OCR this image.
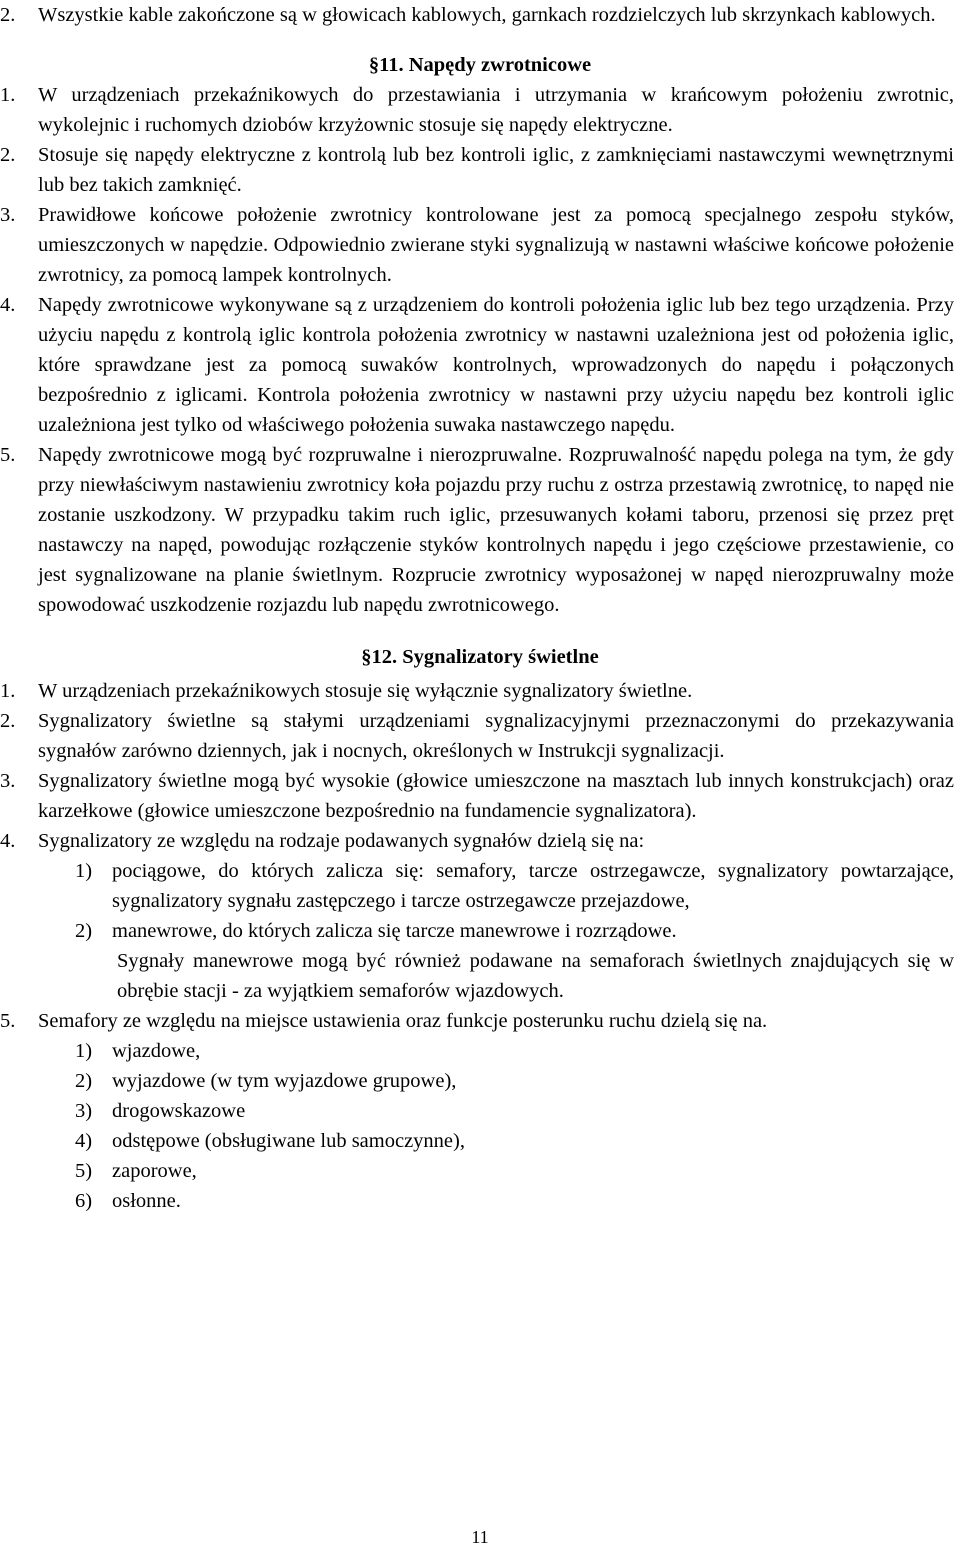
2. Wszystkie kable zakończone są w głowicach kablowych, garnkach rozdzielczych lub skrzynkach kablowych.
§11. Napędy zwrotnicowe
1. W urządzeniach przekaźnikowych do przestawiania i utrzymania w krańcowym położeniu zwrotnic, wykolejnic i ruchomych dziobów krzyżownic stosuje się napędy elektryczne.
2. Stosuje się napędy elektryczne z kontrolą lub bez kontroli iglic, z zamknięciami nastawczymi wewnętrznymi lub bez takich zamknięć.
3. Prawidłowe końcowe położenie zwrotnicy kontrolowane jest za pomocą specjalnego zespołu styków, umieszczonych w napędzie. Odpowiednio zwierane styki sygnalizują w nastawni właściwe końcowe położenie zwrotnicy, za pomocą lampek kontrolnych.
4. Napędy zwrotnicowe wykonywane są z urządzeniem do kontroli położenia iglic lub bez tego urządzenia. Przy użyciu napędu z kontrolą iglic kontrola położenia zwrotnicy w nastawni uzależniona jest od położenia iglic, które sprawdzane jest za pomocą suwaków kontrolnych, wprowadzonych do napędu i połączonych bezpośrednio z iglicami. Kontrola położenia zwrotnicy w nastawni przy użyciu napędu bez kontroli iglic uzależniona jest tylko od właściwego położenia suwaka nastawczego napędu.
5. Napędy zwrotnicowe mogą być rozpruwalne i nierozpruwalne. Rozpruwalność napędu polega na tym, że gdy przy niewłaściwym nastawieniu zwrotnicy koła pojazdu przy ruchu z ostrza przestawią zwrotnicę, to napęd nie zostanie uszkodzony. W przypadku takim ruch iglic, przesuwanych kołami taboru, przenosi się przez pręt nastawczy na napęd, powodując rozłączenie styków kontrolnych napędu i jego częściowe przestawienie, co jest sygnalizowane na planie świetlnym. Rozprucie zwrotnicy wyposażonej w napęd nierozpruwalny może spowodować uszkodzenie rozjazdu lub napędu zwrotnicowego.
§12. Sygnalizatory świetlne
1. W urządzeniach przekaźnikowych stosuje się wyłącznie sygnalizatory świetlne.
2. Sygnalizatory świetlne są stałymi urządzeniami sygnalizacyjnymi przeznaczonymi do przekazywania sygnałów zarówno dziennych, jak i nocnych, określonych w Instrukcji sygnalizacji.
3. Sygnalizatory świetlne mogą być wysokie (głowice umieszczone na masztach lub innych konstrukcjach) oraz karzełkowe (głowice umieszczone bezpośrednio na fundamencie sygnalizatora).
4. Sygnalizatory ze względu na rodzaje podawanych sygnałów dzielą się na:
1) pociągowe, do których zalicza się: semafory, tarcze ostrzegawcze, sygnalizatory powtarzające, sygnalizatory sygnału zastępczego i tarcze ostrzegawcze przejazdowe,
2) manewrowe, do których zalicza się tarcze manewrowe i rozrządowe.
Sygnały manewrowe mogą być również podawane na semaforach świetlnych znajdujących się w obrębie stacji - za wyjątkiem semaforów wjazdowych.
5. Semafory ze względu na miejsce ustawienia oraz funkcje posterunku ruchu dzielą się na.
1) wjazdowe,
2) wyjazdowe (w tym wyjazdowe grupowe),
3) drogowskazowe
4) odstępowe (obsługiwane lub samoczynne),
5) zaporowe,
6) osłonne.
11
